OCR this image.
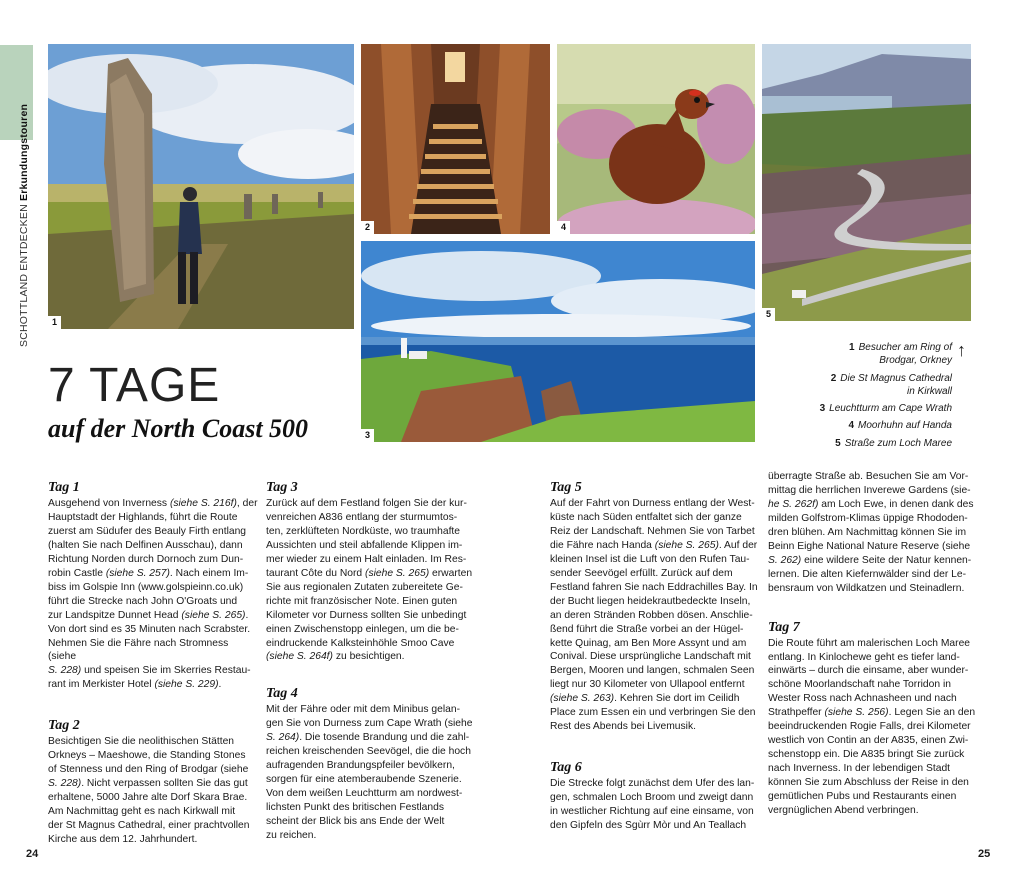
SCHOTTLAND ENTDECKEN Erkundungstouren
1
2	4
5
3
7 TAGE
auf der North Coast 500
↑
1 Besucher am Ring of
Brodgar, Orkney
2 Die St Magnus Cathedral
in Kirkwall
3 Leuchtturm am Cape Wrath
4 Moorhuhn auf Handa
5 Straße zum Loch Maree
Tag 1

Ausgehend von Inverness (siehe S. 216f), der
Hauptstadt der Highlands, führt die Route
zuerst am Südufer des Beauly Firth entlang
(halten Sie nach Delfinen Ausschau), dann
Richtung Norden durch Dornoch zum Dun-
robin Castle (siehe S. 257). Nach einem Im-
biss im Golspie Inn (www.golspieinn.co.uk)
führt die Strecke nach John O'Groats und
zur Landspitze Dunnet Head (siehe S. 265).
Von dort sind es 35 Minuten nach Scrabster.
Nehmen Sie die Fähre nach Stromness (siehe
S. 228) und speisen Sie im Skerries Restau-
rant im Merkister Hotel (siehe S. 229).

Tag 2

Besichtigen Sie die neolithischen Stätten
Orkneys – Maeshowe, die Standing Stones
of Stenness und den Ring of Brodgar (siehe
S. 228). Nicht verpassen sollten Sie das gut
erhaltene, 5000 Jahre alte Dorf Skara Brae.
Am Nachmittag geht es nach Kirkwall mit
der St Magnus Cathedral, einer prachtvollen
Kirche aus dem 12. Jahrhundert.

Tag 3

Zurück auf dem Festland folgen Sie der kur-
venreichen A836 entlang der sturmumtos-
ten, zerklüfteten Nordküste, wo traumhafte
Aussichten und steil abfallende Klippen im-
mer wieder zu einem Halt einladen. Im Res-
taurant Côte du Nord (siehe S. 265) erwarten
Sie aus regionalen Zutaten zubereitete Ge-
richte mit französischer Note. Einen guten
Kilometer vor Durness sollten Sie unbedingt
einen Zwischenstopp einlegen, um die be-
eindruckende Kalksteinhöhle Smoo Cave
(siehe S. 264f) zu besichtigen.

Tag 4

Mit der Fähre oder mit dem Minibus gelan-
gen Sie von Durness zum Cape Wrath (siehe
S. 264). Die tosende Brandung und die zahl-
reichen kreischenden Seevögel, die die hoch
aufragenden Brandungspfeiler bevölkern,
sorgen für eine atemberaubende Szenerie.
Von dem weißen Leuchtturm am nordwest-
lichsten Punkt des britischen Festlands
scheint der Blick bis ans Ende der Welt
zu reichen.

Tag 5

Auf der Fahrt von Durness entlang der West-
küste nach Süden entfaltet sich der ganze
Reiz der Landschaft. Nehmen Sie von Tarbet
die Fähre nach Handa (siehe S. 265). Auf der
kleinen Insel ist die Luft von den Rufen Tau-
sender Seevögel erfüllt. Zurück auf dem
Festland fahren Sie nach Eddrachilles Bay. In
der Bucht liegen heidekrautbedeckte Inseln,
an deren Stränden Robben dösen. Anschlie-
ßend führt die Straße vorbei an der Hügel-
kette Quinag, am Ben More Assynt und am
Conival. Diese ursprüngliche Landschaft mit
Bergen, Mooren und langen, schmalen Seen
liegt nur 30 Kilometer von Ullapool entfernt
(siehe S. 263). Kehren Sie dort im Ceilidh
Place zum Essen ein und verbringen Sie den
Rest des Abends bei Livemusik.

Tag 6

Die Strecke folgt zunächst dem Ufer des lan-
gen, schmalen Loch Broom und zweigt dann
in westlicher Richtung auf eine einsame, von
den Gipfeln des Sgùrr Mòr und An Teallach

überragte Straße ab. Besuchen Sie am Vor-
mittag die herrlichen Inverewe Gardens (sie-
he S. 262f) am Loch Ewe, in denen dank des
milden Golfstrom-Klimas üppige Rhododen-
dren blühen. Am Nachmittag können Sie im
Beinn Eighe National Nature Reserve (siehe
S. 262) eine wildere Seite der Natur kennen-
lernen. Die alten Kiefernwälder sind der Le-
bensraum von Wildkatzen und Steinadlern.

Tag 7

Die Route führt am malerischen Loch Maree
entlang. In Kinlochewe geht es tiefer land-
einwärts – durch die einsame, aber wunder-
schöne Moorlandschaft nahe Torridon in
Wester Ross nach Achnasheen und nach
Strathpeffer (siehe S. 256). Legen Sie an den
beeindruckenden Rogie Falls, drei Kilometer
westlich von Contin an der A835, einen Zwi-
schenstopp ein. Die A835 bringt Sie zurück
nach Inverness. In der lebendigen Stadt
können Sie zum Abschluss der Reise in den
gemütlichen Pubs und Restaurants einen
vergnüglichen Abend verbringen.

24	25
